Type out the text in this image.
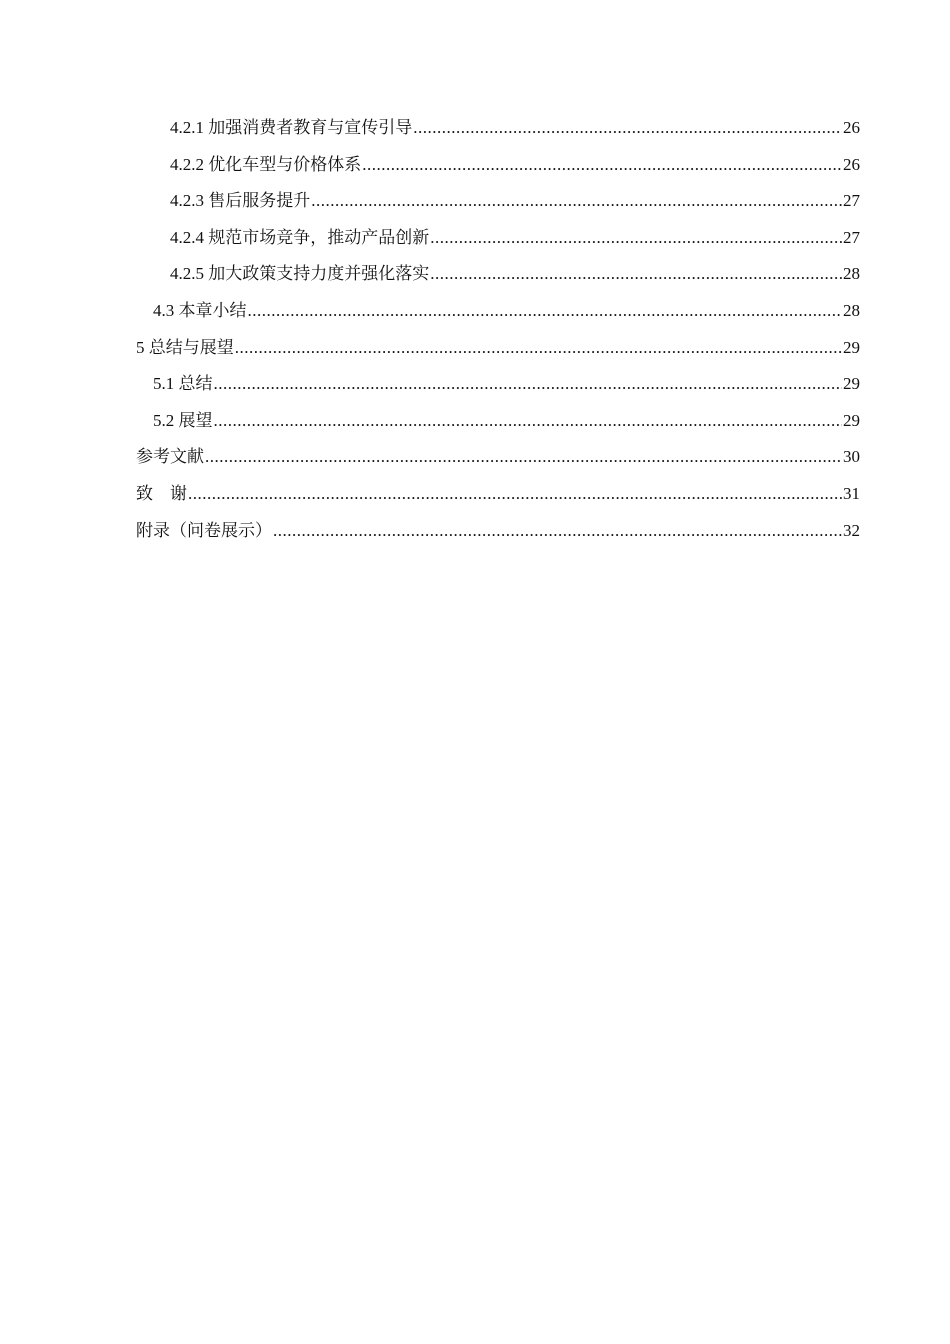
4.2.1 加强消费者教育与宣传引导 .....	26
4.2.2 优化车型与价格体系 .....	26
4.2.3 售后服务提升 .....	27
4.2.4 规范市场竞争，推动产品创新 .....	27
4.2.5 加大政策支持力度并强化落实 .....	28
4.3 本章小结 .....	28
5 总结与展望 .....	29
5.1 总结 .....	29
5.2 展望 .....	29
参考文献 .....	30
致    谢 .....	31
附录（问卷展示） .....	32
